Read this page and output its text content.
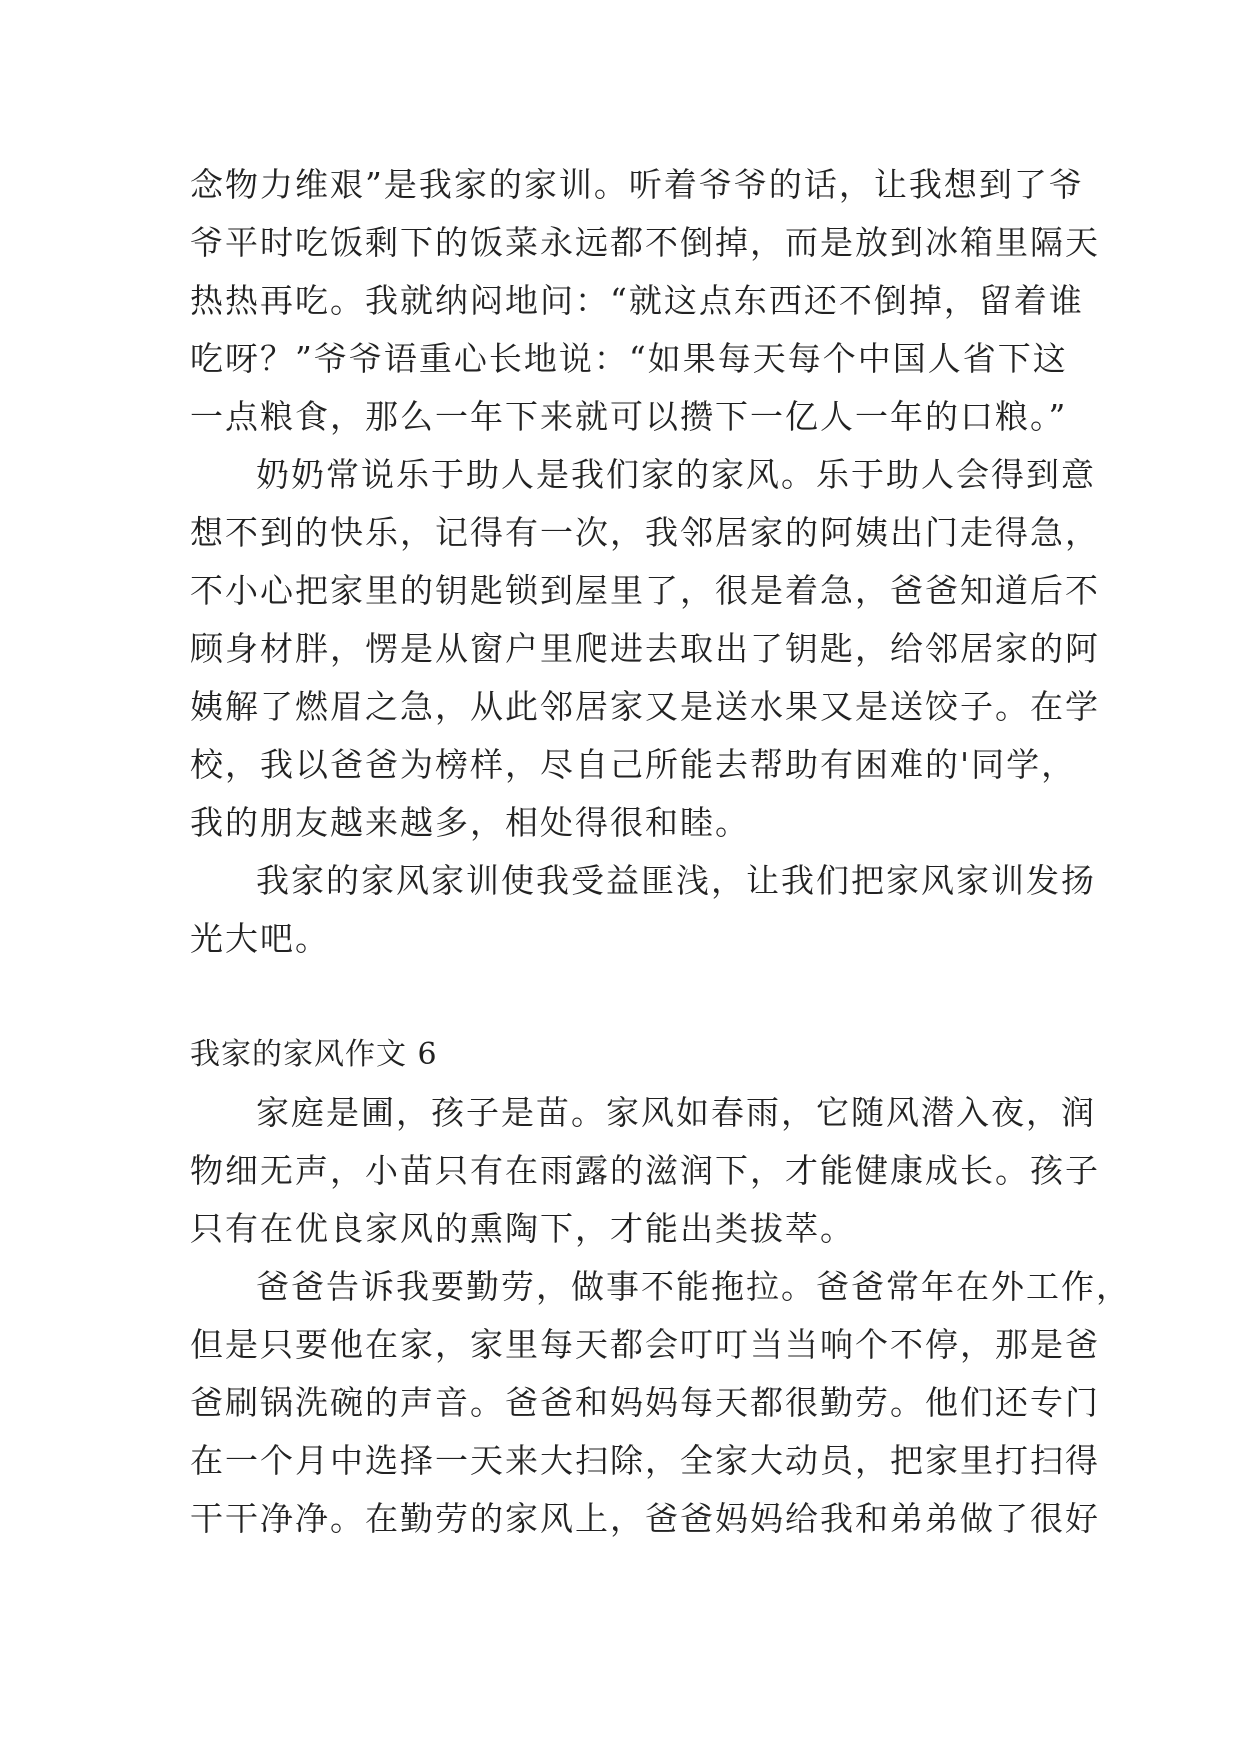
念物力维艰”是我家的家训。听着爷爷的话，让我想到了爷
爷平时吃饭剩下的饭菜永远都不倒掉，而是放到冰箱里隔天
热热再吃。我就纳闷地问：“就这点东西还不倒掉，留着谁
吃呀？”爷爷语重心长地说：“如果每天每个中国人省下这
一点粮食，那么一年下来就可以攒下一亿人一年的口粮。”
奶奶常说乐于助人是我们家的家风。乐于助人会得到意
想不到的快乐，记得有一次，我邻居家的阿姨出门走得急，
不小心把家里的钥匙锁到屋里了，很是着急，爸爸知道后不
顾身材胖，愣是从窗户里爬进去取出了钥匙，给邻居家的阿
姨解了燃眉之急，从此邻居家又是送水果又是送饺子。在学
校，我以爸爸为榜样，尽自己所能去帮助有困难的'同学，
我的朋友越来越多，相处得很和睦。
我家的家风家训使我受益匪浅，让我们把家风家训发扬
光大吧。
我家的家风作文 6
家庭是圃，孩子是苗。家风如春雨，它随风潜入夜，润
物细无声，小苗只有在雨露的滋润下，才能健康成长。孩子
只有在优良家风的熏陶下，才能出类拔萃。
爸爸告诉我要勤劳，做事不能拖拉。爸爸常年在外工作，
但是只要他在家，家里每天都会叮叮当当响个不停，那是爸
爸刷锅洗碗的声音。爸爸和妈妈每天都很勤劳。他们还专门
在一个月中选择一天来大扫除，全家大动员，把家里打扫得
干干净净。在勤劳的家风上，爸爸妈妈给我和弟弟做了很好
